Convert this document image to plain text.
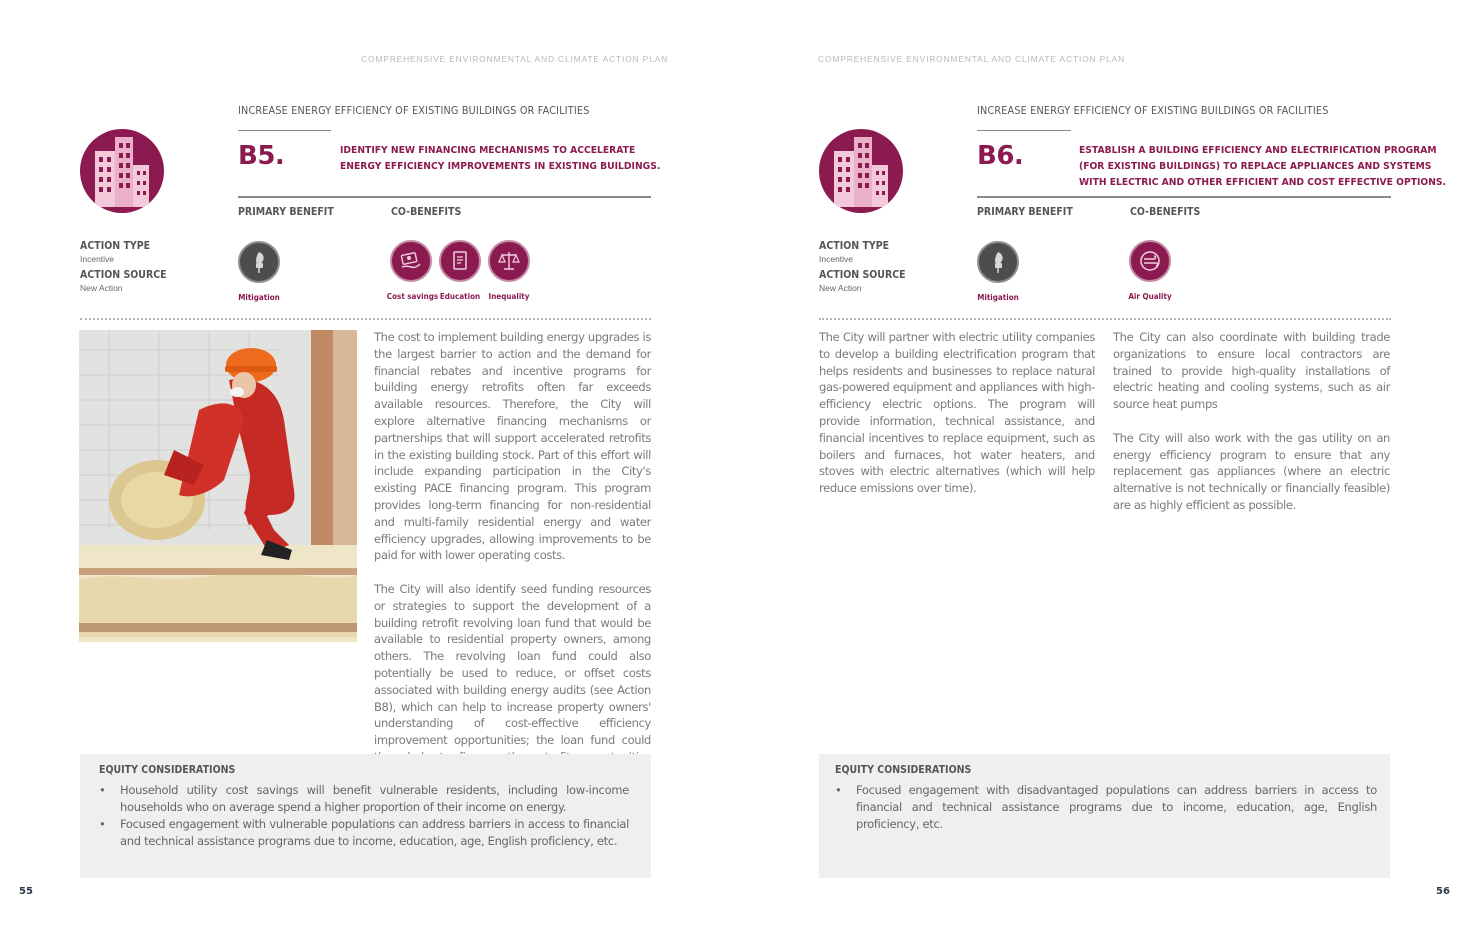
COMPREHENSIVE ENVIRONMENTAL AND CLIMATE ACTION PLAN
INCREASE ENERGY EFFICIENCY OF EXISTING BUILDINGS OR FACILITIES
B5.	IDENTIFY NEW FINANCING MECHANISMS TO ACCELERATE
ENERGY EFFICIENCY IMPROVEMENTS IN EXISTING BUILDINGS.
PRIMARY BENEFIT	CO-BENEFITS
ACTION TYPE
Incentive
ACTION SOURCE
New Action
Mitigation	Cost savings Education	Inequality

The cost to implement building energy upgrades is the largest barrier to action and the demand for financial rebates and incentive programs for building energy retrofits often far exceeds available resources. Therefore, the City will explore alternative financing mechanisms or partnerships that will support accelerated retrofits in the existing building stock. Part of this effort will include expanding participation in the City's existing PACE financing program. This program provides long-term financing for non-residential and multi-family residential energy and water efficiency upgrades, allowing improvements to be paid for with lower operating costs.

The City will also identify seed funding resources or strategies to support the development of a building retrofit revolving loan fund that would be available to residential property owners, among others. The revolving loan fund could also potentially be used to reduce, or offset costs associated with building energy audits (see Action B8), which can help to increase property owners' understanding of cost-effective efficiency improvement opportunities; the loan fund could

EQUITY CONSIDERATIONS
• Household utility cost savings will benefit vulnerable residents, including low-income households who on average spend a higher proportion of their income on energy.
• Focused engagement with vulnerable populations can address barriers in access to financial and technical assistance programs due to income, education, age, English proficiency, etc.
55
COMPREHENSIVE ENVIRONMENTAL AND CLIMATE ACTION PLAN
INCREASE ENERGY EFFICIENCY OF EXISTING BUILDINGS OR FACILITIES
B6.	ESTABLISH A BUILDING EFFICIENCY AND ELECTRIFICATION PROGRAM
(FOR EXISTING BUILDINGS) TO REPLACE APPLIANCES AND SYSTEMS
WITH ELECTRIC AND OTHER EFFICIENT AND COST EFFECTIVE OPTIONS.
PRIMARY BENEFIT	CO-BENEFITS
ACTION TYPE
Incentive
ACTION SOURCE
New Action
Mitigation	Air Quality

The City will partner with electric utility companies to develop a building electrification program that helps residents and businesses to replace natural gas-powered equipment and appliances with high-efficiency electric options. The program will provide information, technical assistance, and financial incentives to replace equipment, such as boilers and furnaces, hot water heaters, and stoves with electric alternatives (which will help reduce emissions over time).

The City can also coordinate with building trade organizations to ensure local contractors are trained to provide high-quality installations of electric heating and cooling systems, such as air source heat pumps

The City will also work with the gas utility on an energy efficiency program to ensure that any replacement gas appliances (where an electric alternative is not technically or financially feasible) are as highly efficient as possible.

EQUITY CONSIDERATIONS
• Focused engagement with disadvantaged populations can address barriers in access to financial and technical assistance programs due to income, education, age, English proficiency, etc.
56
